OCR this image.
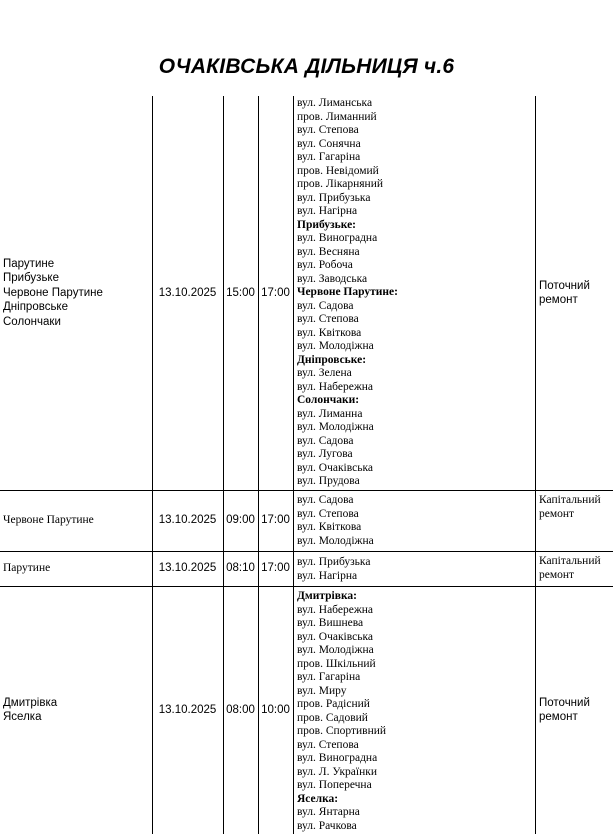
ОЧАКІВСЬКА ДІЛЬНИЦЯ ч.6
Парутине
Прибузьке
Червоне Парутине
Дніпровське
Солончаки
13.10.2025 15:00 17:00
вул. Лиманська
пров. Лиманний
вул. Степова
вул. Сонячна
вул. Гагаріна
пров. Невідомий
пров. Лікарняний
вул. Прибузька
вул. Нагірна
Прибузьке:
вул. Виноградна
вул. Весняна
вул. Робоча
вул. Заводська
Червоне Парутине:
вул. Садова
вул. Степова
вул. Квіткова
вул. Молодіжна
Дніпровське:
вул. Зелена
вул. Набережна
Солончаки:
вул. Лиманна
вул. Молодіжна
вул. Садова
вул. Лугова
вул. Очаківська
вул. Прудова
Поточний
ремонт
Червоне Парутине	13.10.2025 09:00 17:00
вул. Садова
вул. Степова
вул. Квіткова
вул. Молодіжна
Капітальний
ремонт
Парутине	13.10.2025 08:10 17:00
вул. Прибузька
вул. Нагірна
Капітальний
ремонт
Дмитрівка
Яселка
13.10.2025 08:00 10:00
Дмитрівка:
вул. Набережна
вул. Вишнева
вул. Очаківська
вул. Молодіжна
пров. Шкільний
вул. Гагаріна
вул. Миру
пров. Радісний
пров. Садовий
пров. Спортивний
вул. Степова
вул. Виноградна
вул. Л. Українки
вул. Поперечна
Яселка:
вул. Янтарна
вул. Рачкова
Поточний
ремонт
